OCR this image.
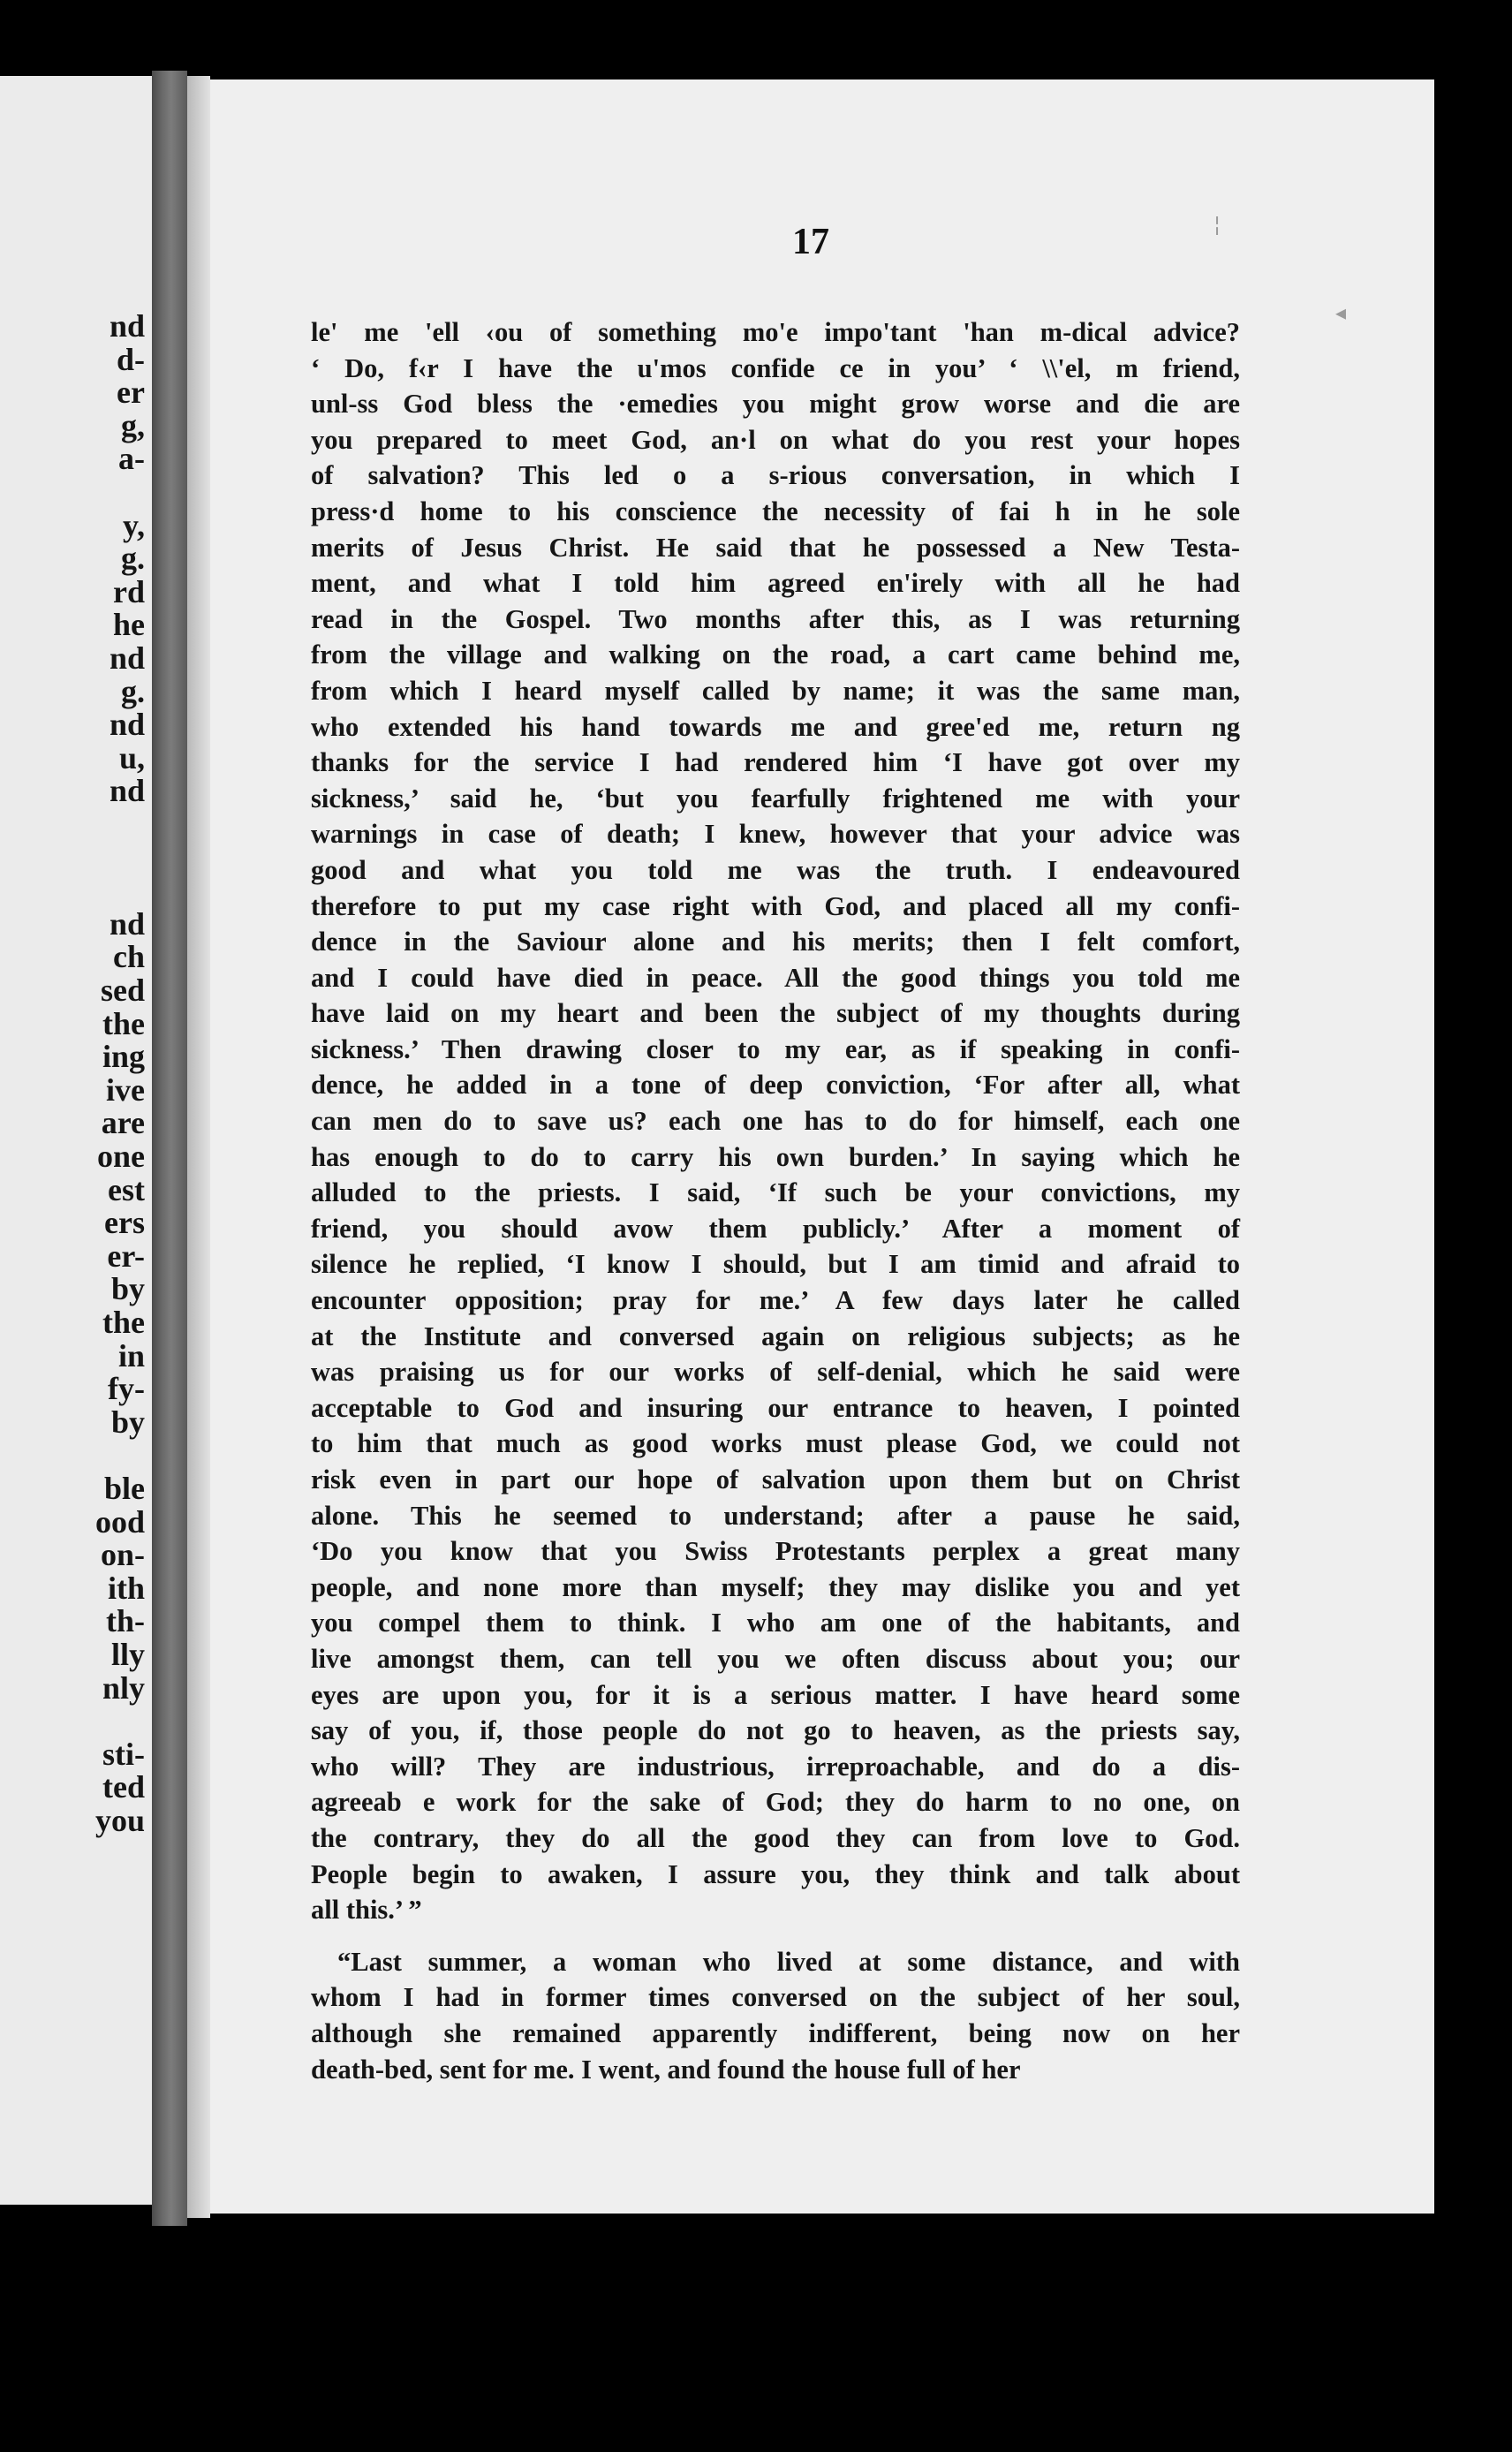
nd
d-
er
g,
a-
y,
g.
rd
he
nd
g.
nd
u,
nd
nd
ch
sed
the
ing
ive
are
one
est
ers
er-
by
the
in
fy-
by
ble
ood
on-
ith
th-
lly
nly
sti-
ted
you
17
le' me 'ell ‹ou of something mo'e impo'tant 'han m-dical advice?
‘ Do, f‹r I have the u'mos confide ce in you’ ‘ \\'el, m friend,
unl-ss God bless the ·emedies you might grow worse and die are
you prepared to meet God, an·l on what do you rest your hopes
of salvation? This led o a s-rious conversation, in which I
press·d home to his conscience the necessity of fai h in he sole
merits of Jesus Christ. He said that he possessed a New Testa-
ment, and what I told him agreed en'irely with all he had
read in the Gospel. Two months after this, as I was returning
from the village and walking on the road, a cart came behind me,
from which I heard myself called by name; it was the same man,
who extended his hand towards me and gree'ed me, return ng
thanks for the service I had rendered him ‘I have got over my
sickness,’ said he, ‘but you fearfully frightened me with your
warnings in case of death; I knew, however that your advice was
good and what you told me was the truth. I endeavoured
therefore to put my case right with God, and placed all my confi-
dence in the Saviour alone and his merits; then I felt comfort,
and I could have died in peace. All the good things you told me
have laid on my heart and been the subject of my thoughts during
sickness.’ Then drawing closer to my ear, as if speaking in confi-
dence, he added in a tone of deep conviction, ‘For after all, what
can men do to save us? each one has to do for himself, each one
has enough to do to carry his own burden.’ In saying which he
alluded to the priests. I said, ‘If such be your convictions, my
friend, you should avow them publicly.’ After a moment of
silence he replied, ‘I know I should, but I am timid and afraid to
encounter opposition; pray for me.’ A few days later he called
at the Institute and conversed again on religious subjects; as he
was praising us for our works of self-denial, which he said were
acceptable to God and insuring our entrance to heaven, I pointed
to him that much as good works must please God, we could not
risk even in part our hope of salvation upon them but on Christ
alone. This he seemed to understand; after a pause he said,
‘Do you know that you Swiss Protestants perplex a great many
people, and none more than myself; they may dislike you and yet
you compel them to think. I who am one of the habitants, and
live amongst them, can tell you we often discuss about you; our
eyes are upon you, for it is a serious matter. I have heard some
say of you, if, those people do not go to heaven, as the priests say,
who will? They are industrious, irreproachable, and do a dis-
agreeab e work for the sake of God; they do harm to no one, on
the contrary, they do all the good they can from love to God.
People begin to awaken, I assure you, they think and talk about
all this.’ ”
“Last summer, a woman who lived at some distance, and with
whom I had in former times conversed on the subject of her soul,
although she remained apparently indifferent, being now on her
death-bed, sent for me. I went, and found the house full of her
¦
◂
